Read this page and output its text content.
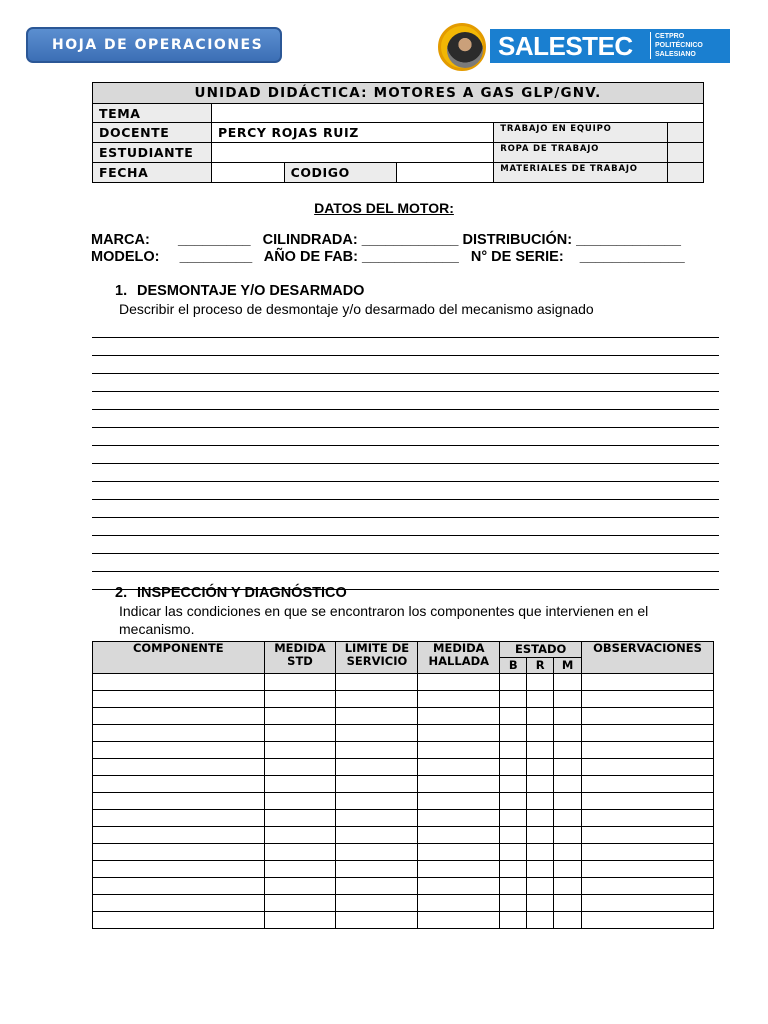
HOJA DE OPERACIONES	SALESTEC	CETPRO
POLITÉCNICO
SALESIANO
UNIDAD DIDÁCTICA: MOTORES A GAS GLP/GNV.					
TEMA					
DOCENTE	PERCY ROJAS RUIZ			TRABAJO EN EQUIPO	
ESTUDIANTE				ROPA DE TRABAJO	
FECHA		CODIGO		MATERIALES DE TRABAJO	
DATOS DEL MOTOR:
MARCA:       _________   CILINDRADA: ____________ DISTRIBUCIÓN: _____________
MODELO:     _________   AÑO DE FAB: ____________   N° DE SERIE:    _____________
1. DESMONTAJE Y/O DESARMADO
Describir el proceso de desmontaje y/o desarmado del mecanismo asignado
2. INSPECCIÓN Y DIAGNÓSTICO
Indicar las condiciones en que se encontraron los componentes que intervienen en el mecanismo.
COMPONENTE	MEDIDA STD	LIMITE DE SERVICIO	MEDIDA HALLADA	ESTADO			OBSERVACIONES
				B	R	M	
